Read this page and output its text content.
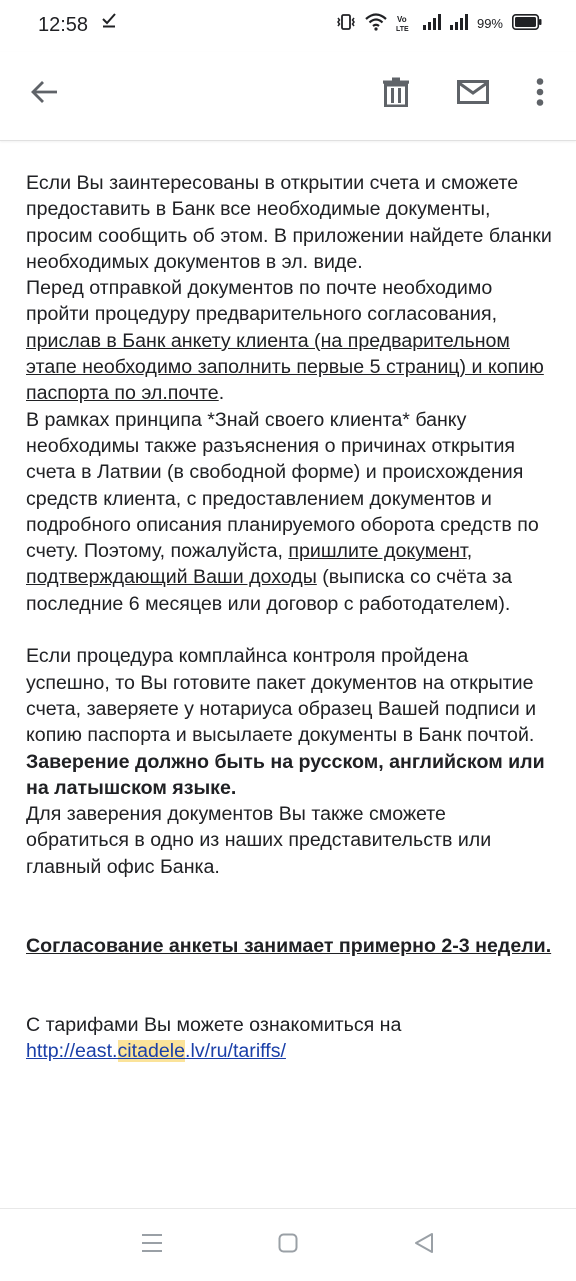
12:58	Vo
LTE	99%

Если Вы заинтересованы в открытии счета и сможете предоставить в Банк все необходимые документы, просим сообщить об этом. В приложении найдете бланки необходимых документов в эл. виде.

Перед отправкой документов по почте необходимо пройти процедуру предварительного согласования, прислав в Банк анкету клиента (на предварительном этапе необходимо заполнить первые 5 страниц) и копию паспорта по эл.почте.

В рамках принципа *Знай своего клиента* банку необходимы также разъяснения о причинах открытия счета в Латвии (в свободной форме) и происхождения средств клиента, с предоставлением документов и подробного описания планируемого оборота средств по счету. Поэтому, пожалуйста, пришлите документ, подтверждающий Ваши доходы (выписка со счёта за последние 6 месяцев или договор с работодателем).

Если процедура комплайнса контроля пройдена успешно, то Вы готовите пакет документов на открытие счета, заверяете у нотариуса образец Вашей подписи и копию паспорта и высылаете документы в Банк почтой.

Заверение должно быть на русском, английском или на латышском языке.

Для заверения документов Вы также сможете обратиться в одно из наших представительств или главный офис Банка.

Согласование анкеты занимает примерно 2-3 недели.

С тарифами Вы можете ознакомиться на

http://east.citadele.lv/ru/tariffs/
